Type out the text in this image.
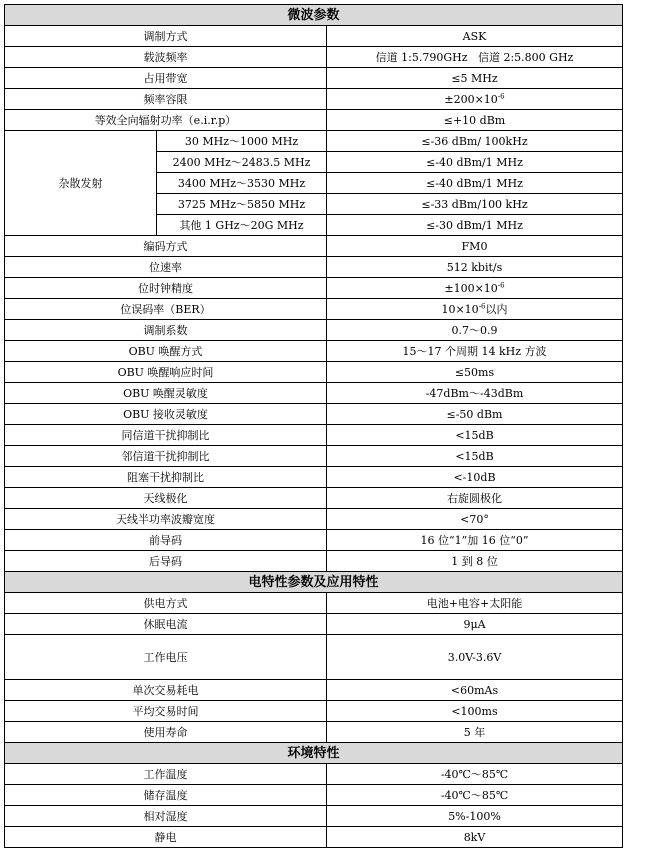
微波参数		
调制方式		ASK
载波频率		信道 1:5.790GHz   信道 2:5.800 GHz
占用带宽		≤5 MHz
频率容限		$\pm 200\times 10^{-6}$
等效全向辐射功率（e.i.r.p）		≤+10 dBm
杂散发射	30 MHz～1000 MHz	≤-36 dBm/ 100kHz
	2400 MHz～2483.5 MHz	≤-40 dBm/1 MHz
	3400 MHz～3530 MHz	≤-40 dBm/1 MHz
	3725 MHz～5850 MHz	≤-33 dBm/100 kHz
	其他 1 GHz～20G MHz	≤-30 dBm/1 MHz
编码方式		FM0
位速率		512 kbit/s
位时钟精度		$\pm 100\times 10^{-6}$
位误码率（BER）		$10\times 10^{-6}$以内
调制系数		0.7～0.9
OBU 唤醒方式		15～17 个周期 14 kHz 方波
OBU 唤醒响应时间		≤50ms
OBU 唤醒灵敏度		-47dBm～-43dBm
OBU 接收灵敏度		≤-50 dBm
同信道干扰抑制比		<15dB
邻信道干扰抑制比		<15dB
阻塞干扰抑制比		<-10dB
天线极化		右旋圆极化
天线半功率波瓣宽度		<70°
前导码		16 位“1”加 16 位“0”
后导码		1 到 8 位
电特性参数及应用特性		
供电方式		电池+电容+太阳能
休眠电流		9μA
工作电压		3.0V-3.6V
单次交易耗电		<60mAs
平均交易时间		<100ms
使用寿命		5 年
环境特性		
工作温度		-40℃～85℃
储存温度		-40℃～85℃
相对湿度		5%-100%
静电		8kV
